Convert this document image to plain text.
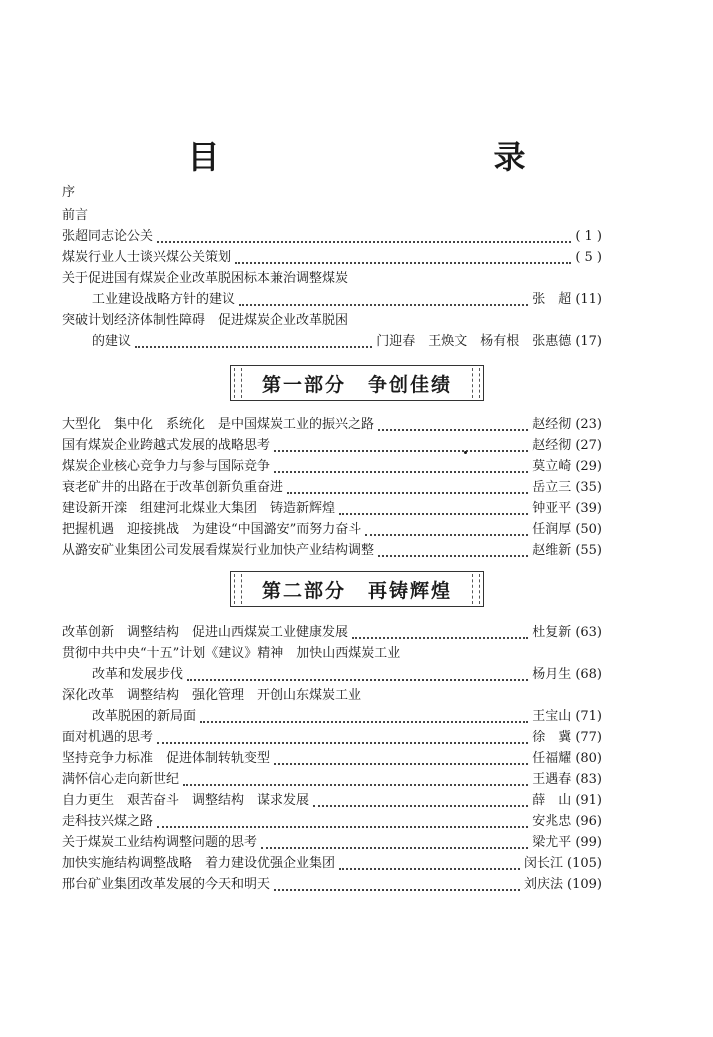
目　　录
序
前言
张超同志论公关	( 1 )
煤炭行业人士谈兴煤公关策划	( 5 )
关于促进国有煤炭企业改革脱困标本兼治调整煤炭
工业建设战略方针的建议	张　超 (11)
突破计划经济体制性障碍　促进煤炭企业改革脱困
的建议	门迎春　王焕文　杨有根　张惠德 (17)
第一部分 争创佳绩
大型化　集中化　系统化　是中国煤炭工业的振兴之路	赵经彻 (23)
国有煤炭企业跨越式发展的战略思考	赵经彻 (27)
煤炭企业核心竞争力与参与国际竞争	莫立崎 (29)
衰老矿井的出路在于改革创新负重奋进	岳立三 (35)
建设新开滦　组建河北煤业大集团　铸造新辉煌	钟亚平 (39)
把握机遇　迎接挑战　为建设“中国潞安”而努力奋斗	任润厚 (50)
从潞安矿业集团公司发展看煤炭行业加快产业结构调整	赵维新 (55)
第二部分 再铸辉煌
改革创新　调整结构　促进山西煤炭工业健康发展	杜复新 (63)
贯彻中共中央“十五”计划《建议》精神　加快山西煤炭工业
改革和发展步伐	杨月生 (68)
深化改革　调整结构　强化管理　开创山东煤炭工业
改革脱困的新局面	王宝山 (71)
面对机遇的思考	徐　冀 (77)
坚持竞争力标准　促进体制转轨变型	任福耀 (80)
满怀信心走向新世纪	王遇春 (83)
自力更生　艰苦奋斗　调整结构　谋求发展	薛　山 (91)
走科技兴煤之路	安兆忠 (96)
关于煤炭工业结构调整问题的思考	梁尤平 (99)
加快实施结构调整战略　着力建设优强企业集团	闵长江 (105)
邢台矿业集团改革发展的今天和明天	刘庆法 (109)
